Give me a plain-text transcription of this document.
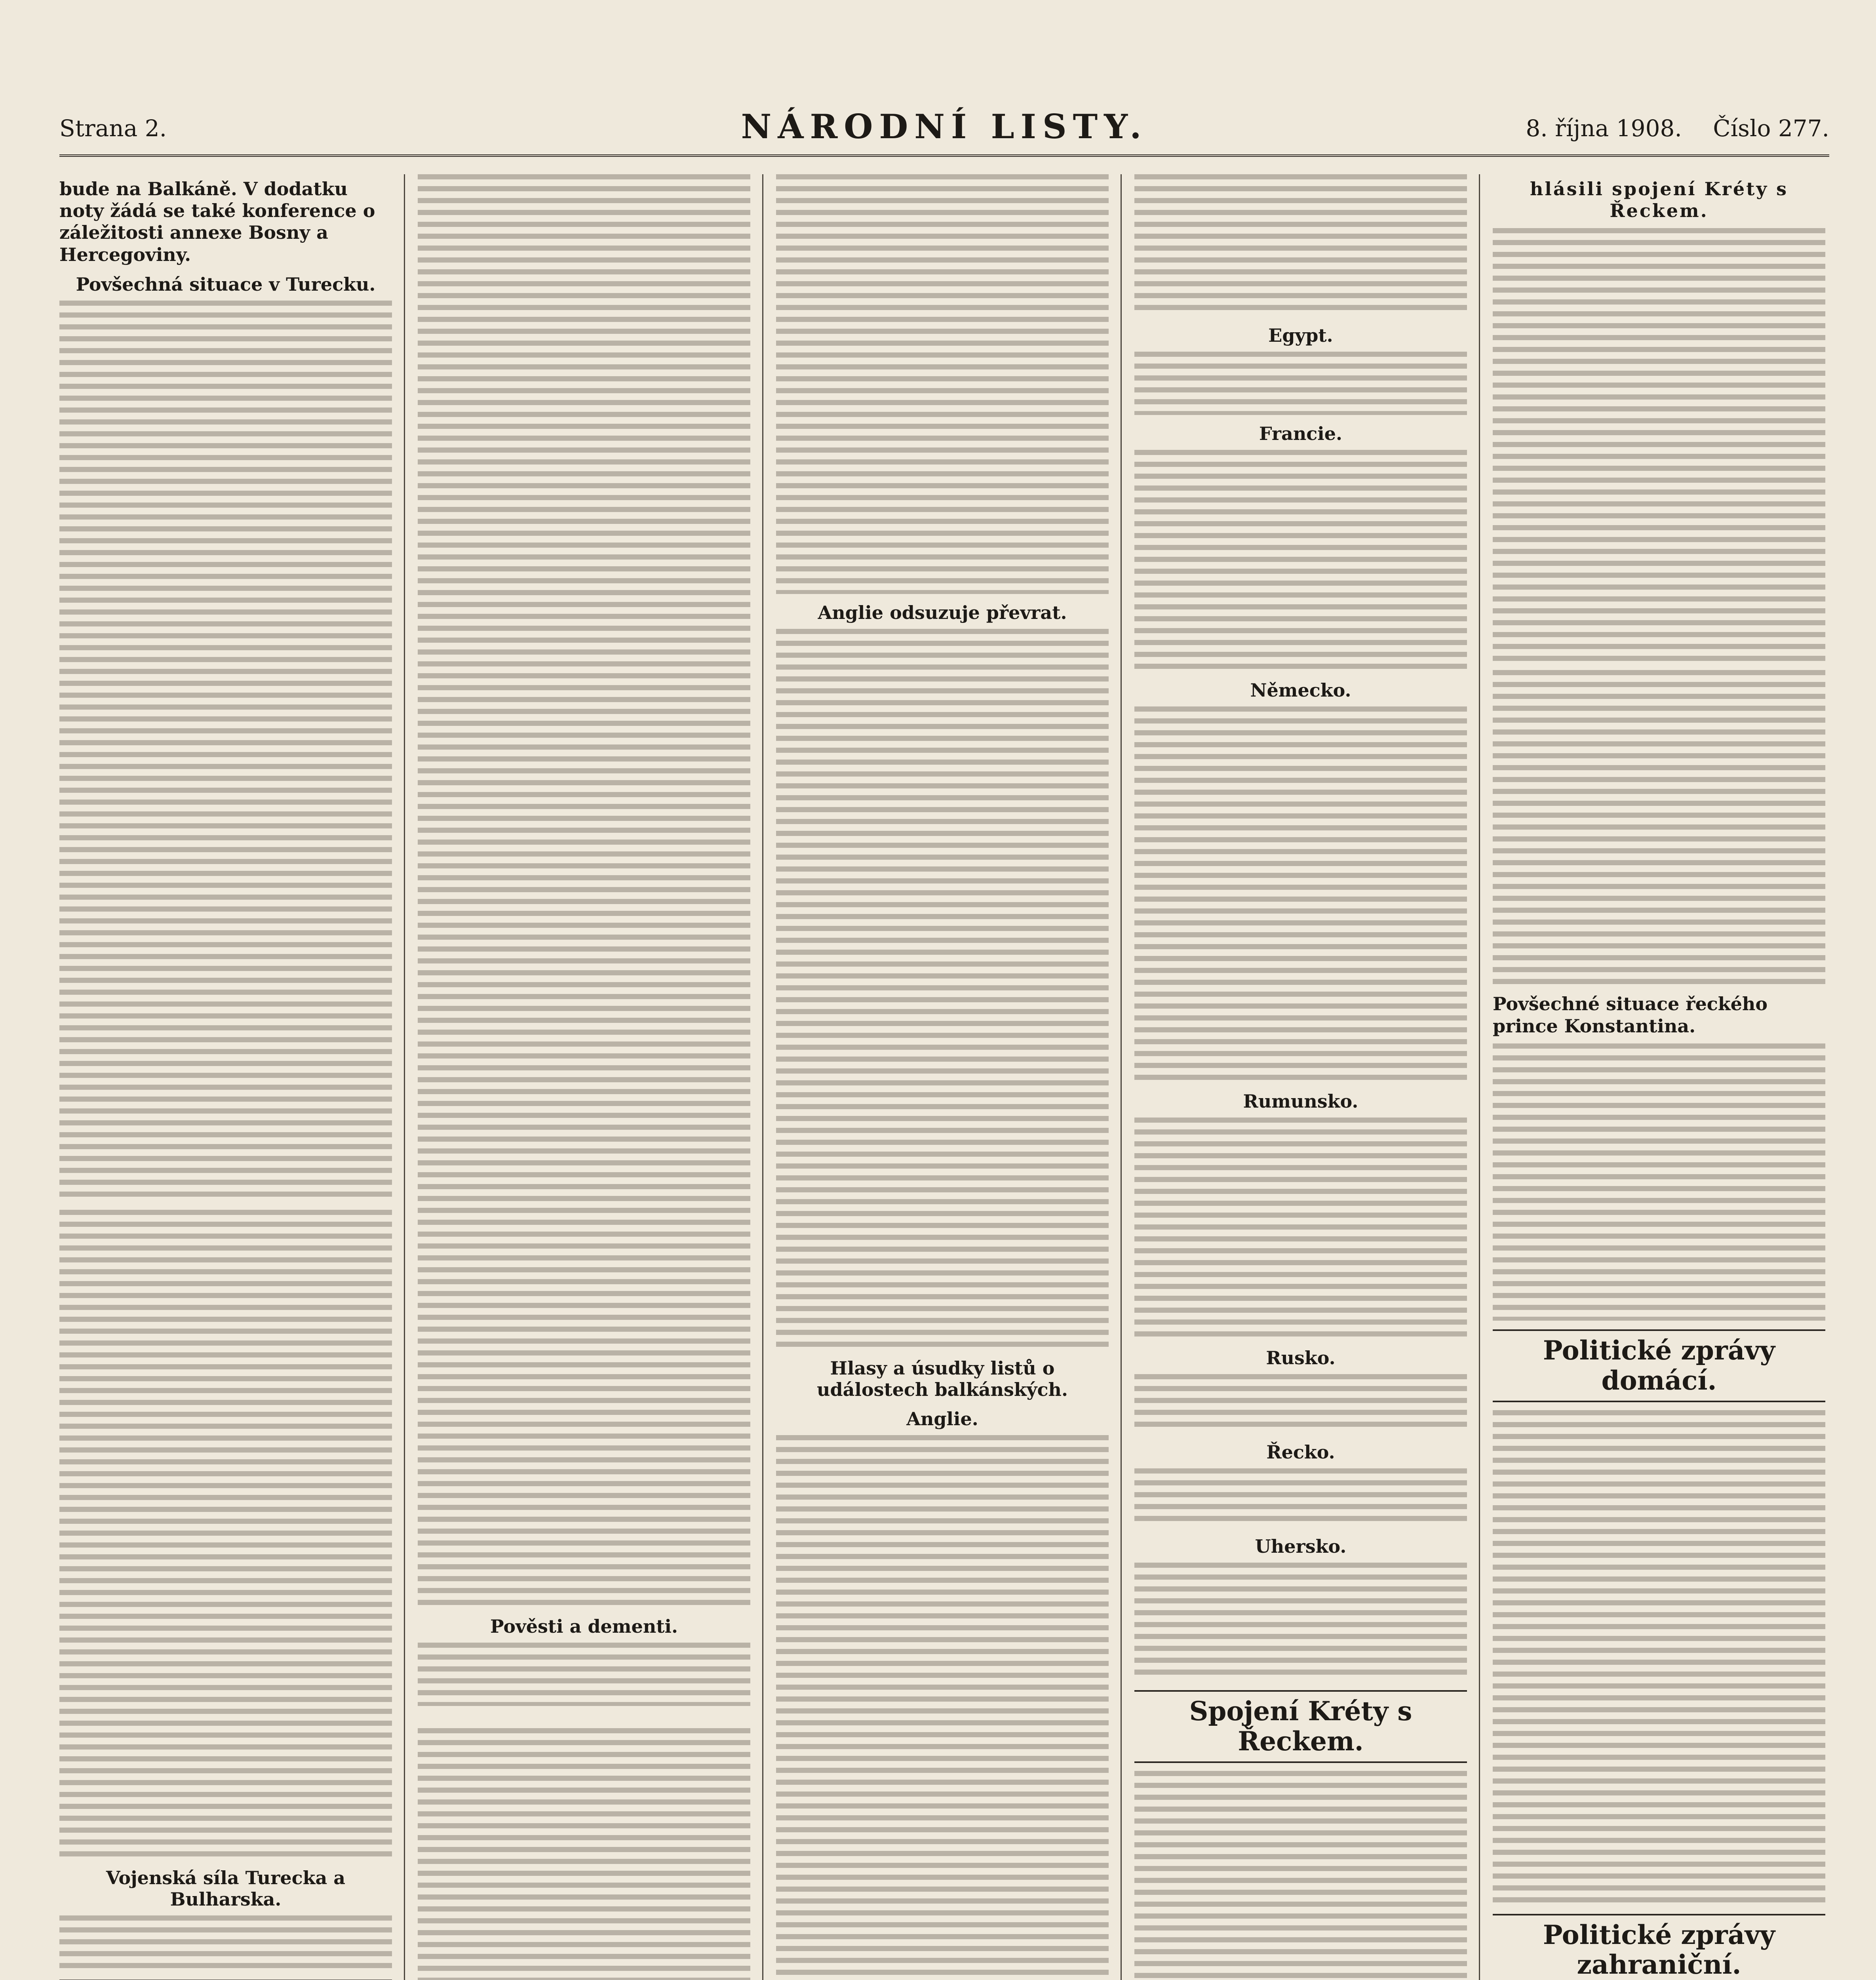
Strana 2.	NÁRODNÍ LISTY.	8. října 1908. Číslo 277.
bude na Balkáně. V dodatku noty žádá se také konference o záležitosti annexe Bosny a Hercegoviny.
Povšechná situace v Turecku.
Vojenská síla Turecka a Bulharska.
Pověsti a dementi.
Anglie odsuzuje převrat.
Hlasy a úsudky listů o událostech balkánských.
Anglie.
Egypt.
Francie.
Německo.
Rumunsko.
Rusko.
Řecko.
Uhersko.
Spojení Kréty s Řeckem.
hlásili spojení Kréty s Řeckem.
Povšechné situace řeckého prince Konstantina.
Politické zprávy domácí.
Politické zprávy zahraniční.
